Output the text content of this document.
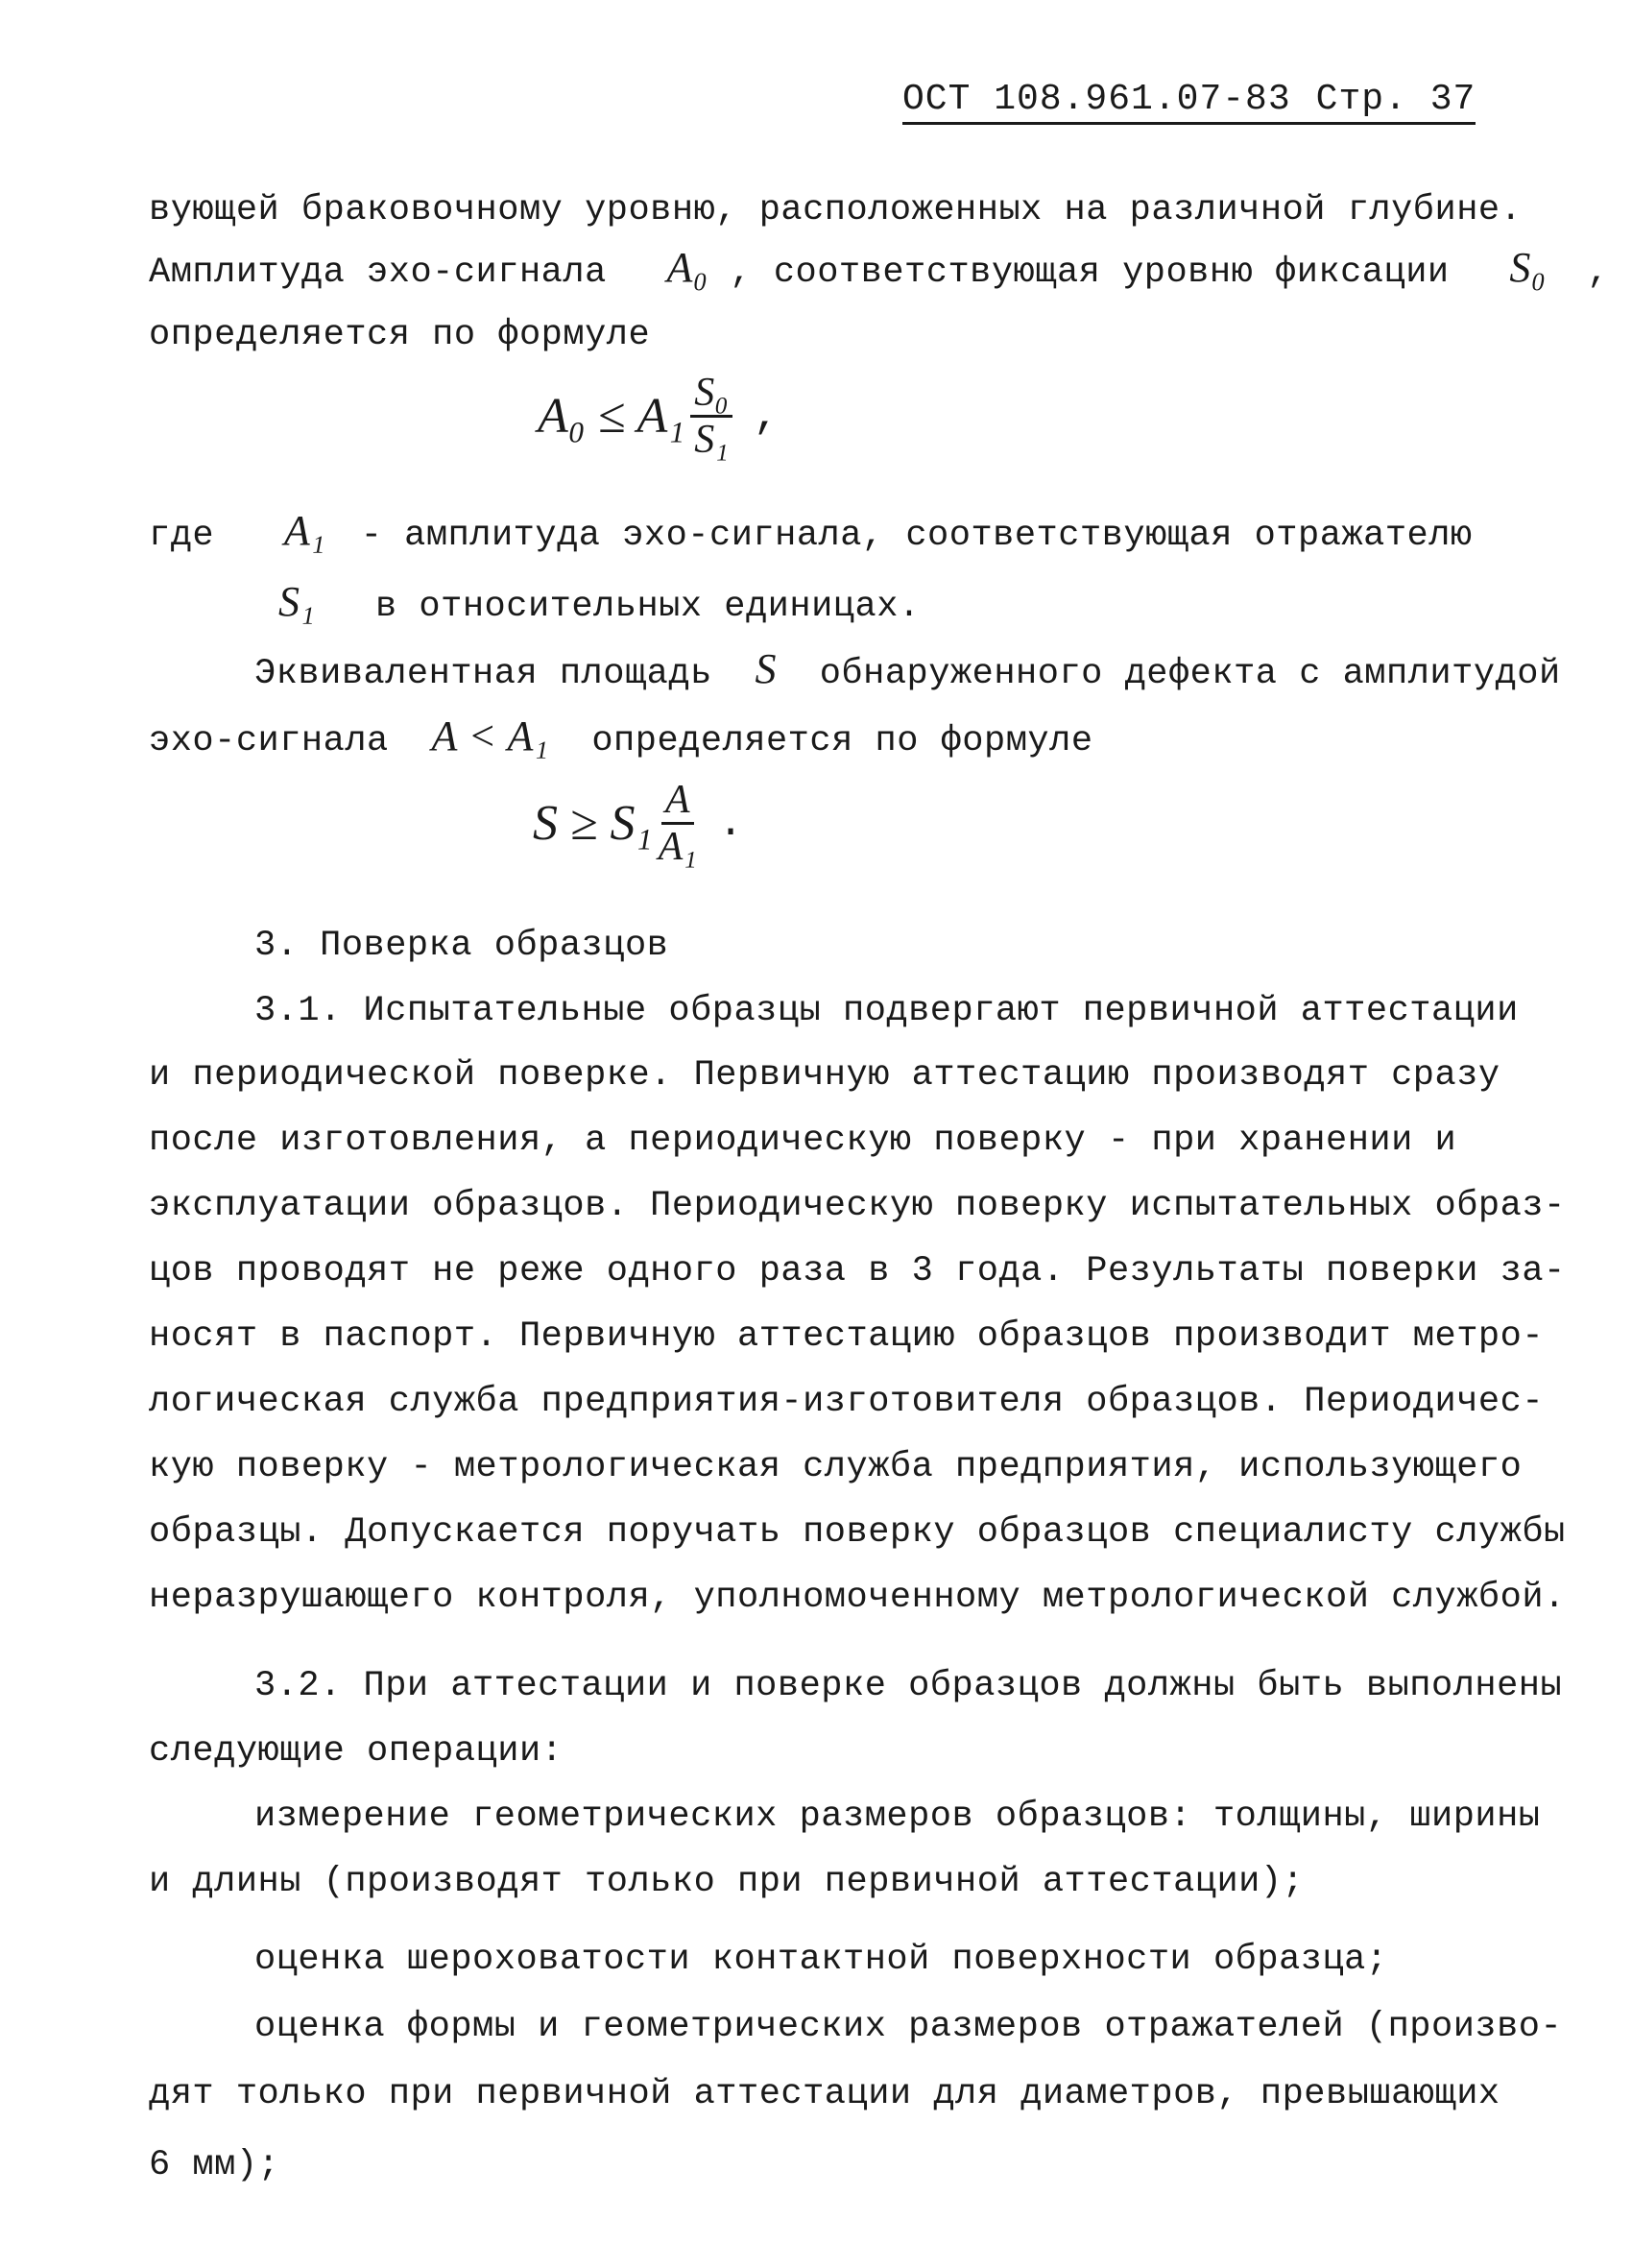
ОСТ 108.961.07-83 Стр. 37
вующей браковочному уровню, расположенных на различной глубине.
Амплитуда эхо-сигнала A₀ , соответствующая уровню фиксации S₀ ,
определяется по формуле
$A_0 \le A_1 \frac{\text{S₀}}{\text{S₁}}$ ,
где A₁ - амплитуда эхо-сигнала, соответствующая отражателю
S₁ в относительных единицах.
Эквивалентная площадь S обнаруженного дефекта с амплитудой
эхо-сигнала A < A₁ определяется по формуле
$S \ge S_1 \frac{A}{\text{A₁}}$ .
3. Поверка образцов
3.1. Испытательные образцы подвергают первичной аттестации
и периодической поверке. Первичную аттестацию производят сразу
после изготовления, а периодическую поверку - при хранении и
эксплуатации образцов. Периодическую поверку испытательных образ-
цов проводят не реже одного раза в 3 года. Результаты поверки за-
носят в паспорт. Первичную аттестацию образцов производит метро-
логическая служба предприятия-изготовителя образцов. Периодичес-
кую поверку - метрологическая служба предприятия, использующего
образцы. Допускается поручать поверку образцов специалисту службы
неразрушающего контроля, уполномоченному метрологической службой.
3.2. При аттестации и поверке образцов должны быть выполнены
следующие операции:
измерение геометрических размеров образцов: толщины, ширины
и длины (производят только при первичной аттестации);
оценка шероховатости контактной поверхности образца;
оценка формы и геометрических размеров отражателей (произво-
дят только при первичной аттестации для диаметров, превышающих
6 мм);
